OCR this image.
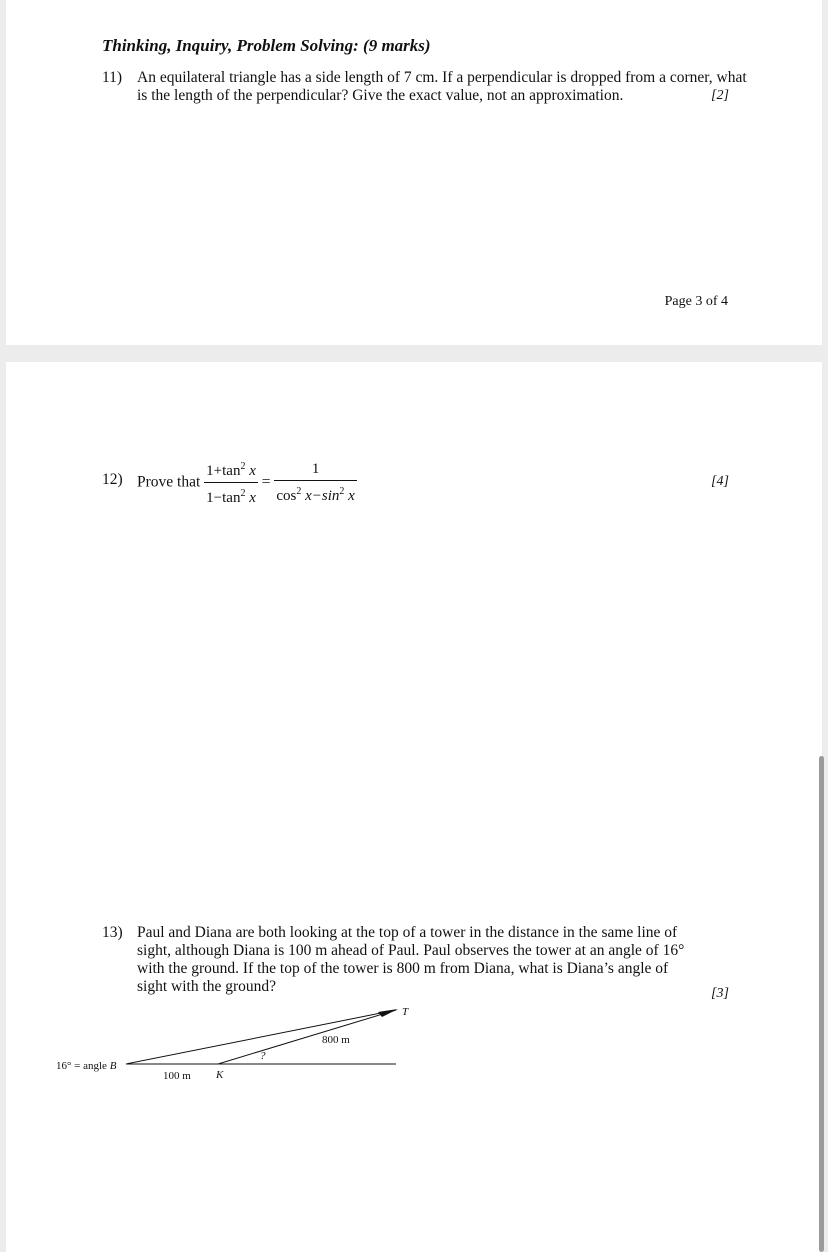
Thinking, Inquiry, Problem Solving: (9 marks)
11) An equilateral triangle has a side length of 7 cm. If a perpendicular is dropped from a corner, what
is the length of the perpendicular? Give the exact value, not an approximation.	[2]
Page 3 of 4
12) Prove that $\frac{1+\tan^2 x}{1-\tan^2 x} = \frac{1}{\cos^2 x-\sin^2 x}$	[4]
13) Paul and Diana are both looking at the top of a tower in the distance in the same line of
sight, although Diana is 100 m ahead of Paul. Paul observes the tower at an angle of 16°
with the ground. If the top of the tower is 800 m from Diana, what is Diana’s angle of
sight with the ground?	[3]
T
800 m
?
16° = angle B
100 m K
